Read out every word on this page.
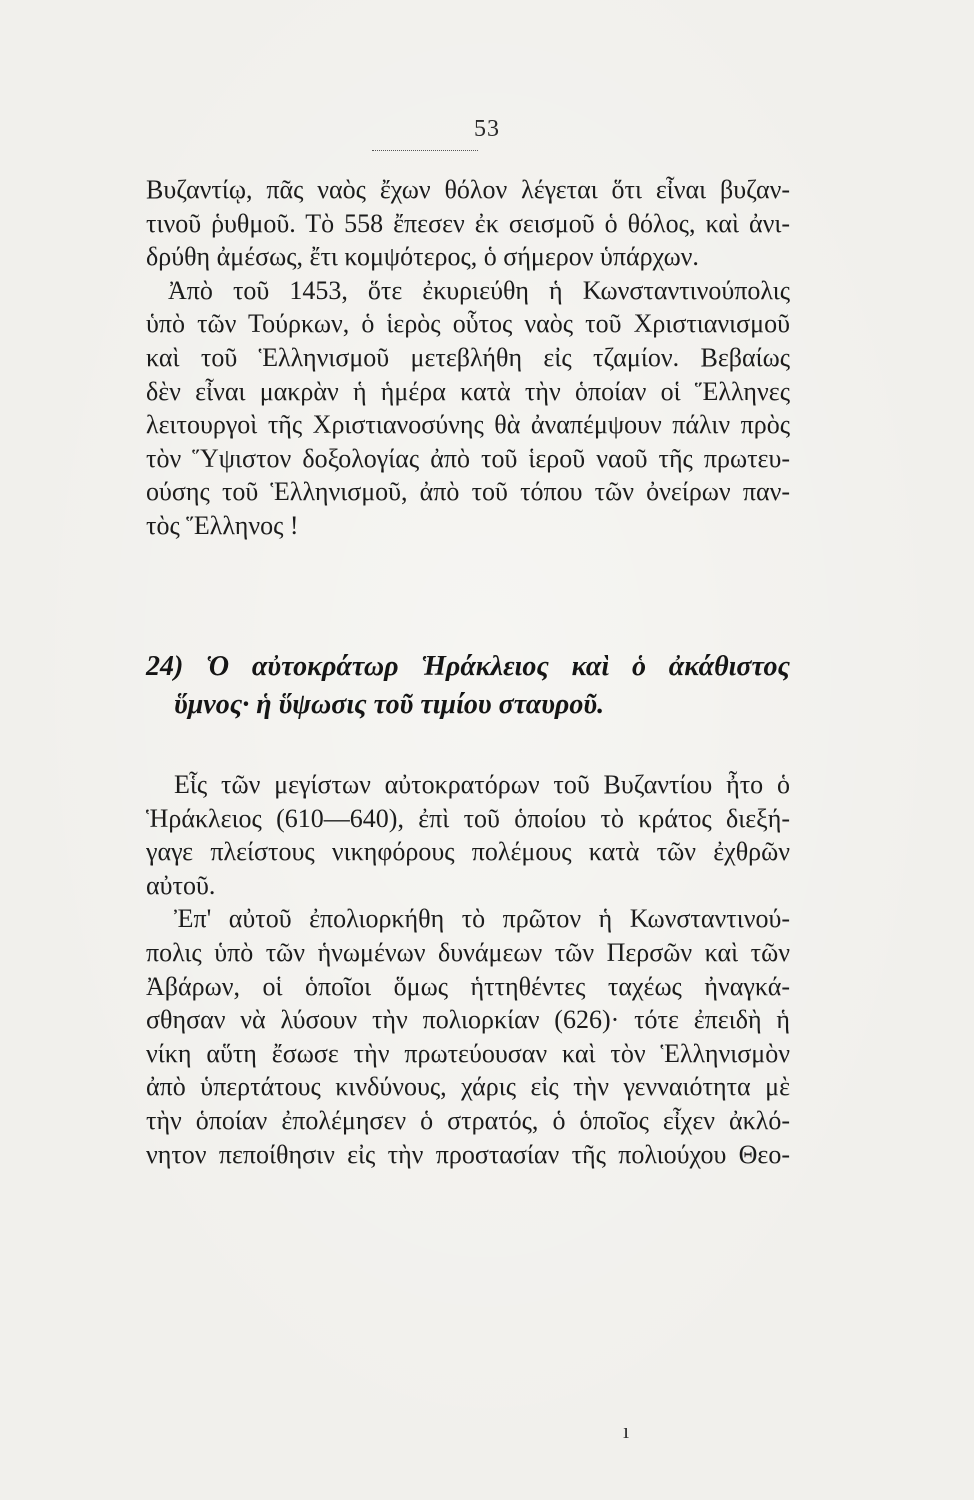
53
Βυζαντίῳ, πᾶς ναὸς ἔχων θόλον λέγεται ὅτι εἶναι βυζαν-
τινοῦ ῥυθμοῦ. Τὸ 558 ἔπεσεν ἐκ σεισμοῦ ὁ θόλος, καὶ ἀνι-
δρύθη ἀμέσως, ἔτι κομψότερος, ὁ σήμερον ὑπάρχων.
Ἀπὸ τοῦ 1453, ὅτε ἐκυριεύθη ἡ Κωνσταντινούπολις
ὑπὸ τῶν Τούρκων, ὁ ἱερὸς οὗτος ναὸς τοῦ Χριστιανισμοῦ
καὶ τοῦ Ἑλληνισμοῦ μετεβλήθη εἰς τζαμίον. Βεβαίως
δὲν εἶναι μακρὰν ἡ ἡμέρα κατὰ τὴν ὁποίαν οἱ Ἕλληνες
λειτουργοὶ τῆς Χριστιανοσύνης θὰ ἀναπέμψουν πάλιν πρὸς
τὸν Ὕψιστον δοξολογίας ἀπὸ τοῦ ἱεροῦ ναοῦ τῆς πρωτευ-
ούσης τοῦ Ἑλληνισμοῦ, ἀπὸ τοῦ τόπου τῶν ὀνείρων παν-
τὸς Ἕλληνος !
24) Ὁ αὐτοκράτωρ Ἡράκλειος καὶ ὁ ἀκάθιστος
ὕμνος· ἡ ὕψωσις τοῦ τιμίου σταυροῦ.
Εἷς τῶν μεγίστων αὐτοκρατόρων τοῦ Βυζαντίου ἦτο ὁ
Ἡράκλειος (610—640), ἐπὶ τοῦ ὁποίου τὸ κράτος διεξή-
γαγε πλείστους νικηφόρους πολέμους κατὰ τῶν ἐχθρῶν
αὐτοῦ.
Ἐπ' αὐτοῦ ἐπολιορκήθη τὸ πρῶτον ἡ Κωνσταντινού-
πολις ὑπὸ τῶν ἡνωμένων δυνάμεων τῶν Περσῶν καὶ τῶν
Ἀβάρων, οἱ ὁποῖοι ὅμως ἡττηθέντες ταχέως ἠναγκά-
σθησαν νὰ λύσουν τὴν πολιορκίαν (626)· τότε ἐπειδὴ ἡ
νίκη αὕτη ἔσωσε τὴν πρωτεύουσαν καὶ τὸν Ἑλληνισμὸν
ἀπὸ ὑπερτάτους κινδύνους, χάρις εἰς τὴν γενναιότητα μὲ
τὴν ὁποίαν ἐπολέμησεν ὁ στρατός, ὁ ὁποῖος εἶχεν ἀκλό-
νητον πεποίθησιν εἰς τὴν προστασίαν τῆς πολιούχου Θεο-
ı
